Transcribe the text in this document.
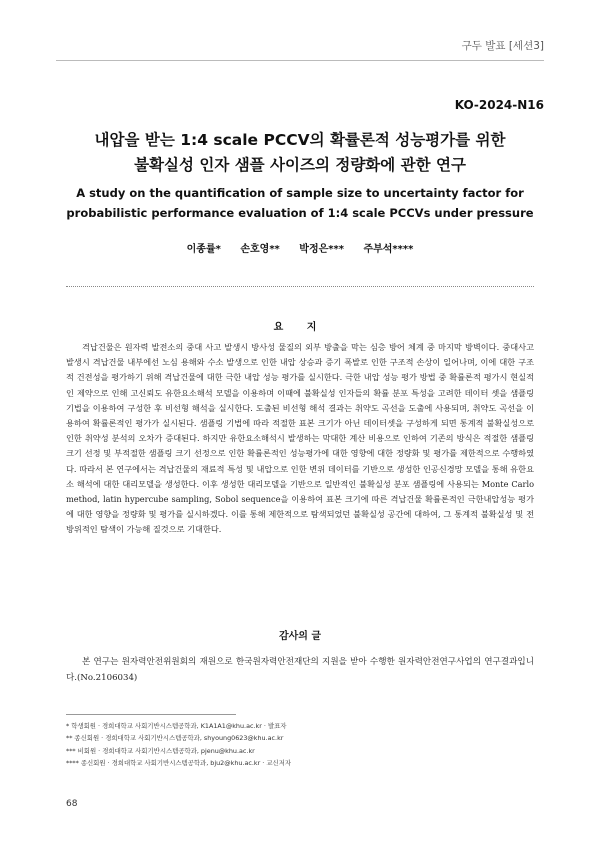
구두 발표 [세션3]
KO-2024-N16
내압을 받는 1:4 scale PCCV의 확률론적 성능평가를 위한
불확실성 인자 샘플 사이즈의 정량화에 관한 연구
A study on the quantification of sample size to uncertainty factor for
probabilistic performance evaluation of 1:4 scale PCCVs under pressure
이종률* 손호영** 박정은*** 주부석****
요 지
격납건물은 원자력 발전소의 중대 사고 발생시 방사성 물질의 외부 방출을 막는 심층 방어 체계 중 마지막 방벽이다. 중대사고 발생시 격납건물 내부에선 노심 용해와 수소 발생으로 인한 내압 상승과 증기 폭발로 인한 구조적 손상이 일어나며, 이에 대한 구조적 건전성을 평가하기 위해 격납건물에 대한 극한 내압 성능 평가를 실시한다. 극한 내압 성능 평가 방법 중 확률론적 평가시 현실적인 제약으로 인해 고신뢰도 유한요소해석 모델을 이용하며 이때에 불확실성 인자들의 확률 분포 특성을 고려한 데이터 셋을 샘플링 기법을 이용하여 구성한 후 비선형 해석을 실시한다. 도출된 비선형 해석 결과는 취약도 곡선을 도출에 사용되며, 취약도 곡선을 이용하여 확률론적인 평가가 실시된다. 샘플링 기법에 따라 적절한 표본 크기가 아닌 데이터셋을 구성하게 되면 통계적 불확실성으로 인한 취약성 분석의 오차가 증대된다. 하지만 유한요소해석시 발생하는 막대한 계산 비용으로 인하여 기존의 방식은 적절한 샘플링 크기 선정 및 부적절한 샘플링 크기 선정으로 인한 확률론적인 성능평가에 대한 영향에 대한 정량화 및 평가를 제한적으로 수행하였다. 따라서 본 연구에서는 격납건물의 재료적 특성 및 내압으로 인한 변위 데이터를 기반으로 생성한 인공신경망 모델을 통해 유한요소 해석에 대한 대리모델을 생성한다. 이후 생성한 대리모델을 기반으로 일반적인 불확실성 분포 샘플링에 사용되는 Monte Carlo method, latin hypercube sampling, Sobol sequence을 이용하여 표본 크기에 따른 격납건물 확률론적인 극한내압성능 평가에 대한 영향을 정량화 및 평가를 실시하겠다. 이를 통해 제한적으로 탐색되었던 불확실성 공간에 대하여, 그 통계적 불확실성 및 전방위적인 탐색이 가능해 질것으로 기대한다.
감사의 글
본 연구는 원자력안전위원회의 재원으로 한국원자력안전재단의 지원을 받아 수행한 원자력안전연구사업의 연구결과입니다.(No.2106034)
* 학생회원 · 경희대학교 사회기반시스템공학과, K1A1A1@khu.ac.kr · 발표자
** 종신회원 · 경희대학교 사회기반시스템공학과, shyoung0623@khu.ac.kr
*** 비회원 · 경희대학교 사회기반시스템공학과, pjenu@khu.ac.kr
**** 종신회원 · 경희대학교 사회기반시스템공학과, bju2@khu.ac.kr · 교신저자
68
